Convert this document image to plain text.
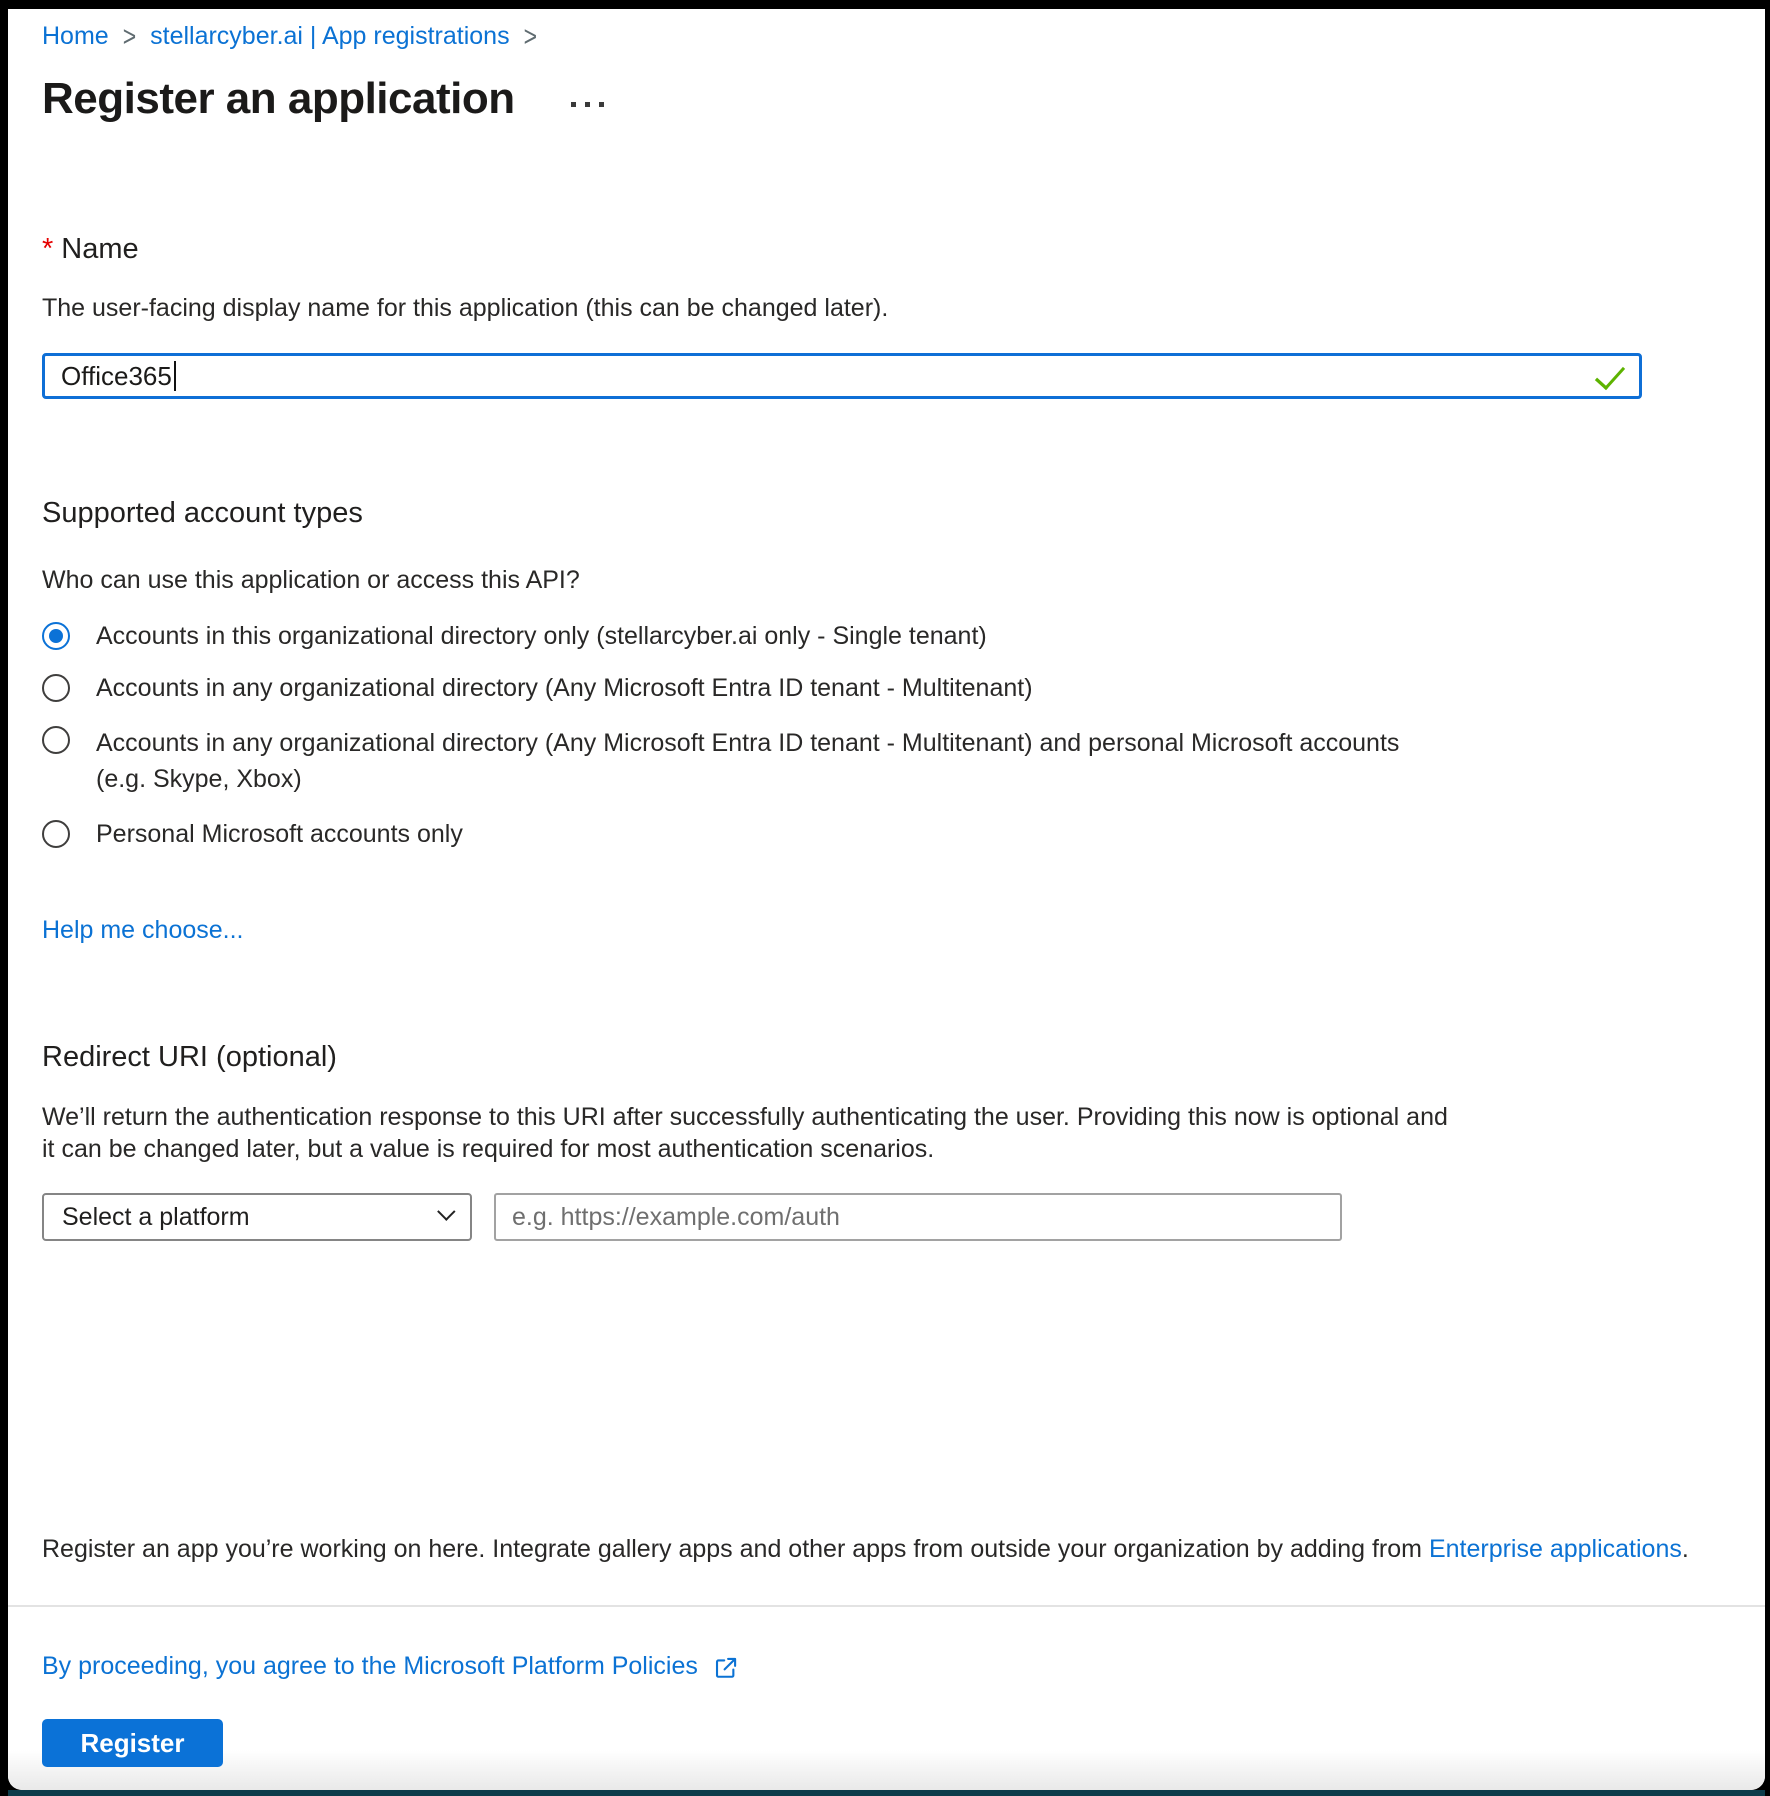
Home > stellarcyber.ai | App registrations >
Register an application
* Name
The user-facing display name for this application (this can be changed later).
Office365
Supported account types
Who can use this application or access this API?
Accounts in this organizational directory only (stellarcyber.ai only - Single tenant)
Accounts in any organizational directory (Any Microsoft Entra ID tenant - Multitenant)
Accounts in any organizational directory (Any Microsoft Entra ID tenant - Multitenant) and personal Microsoft accounts (e.g. Skype, Xbox)
Personal Microsoft accounts only
Help me choose...
Redirect URI (optional)
We’ll return the authentication response to this URI after successfully authenticating the user. Providing this now is optional and it can be changed later, but a value is required for most authentication scenarios.
Select a platform
e.g. https://example.com/auth
Register an app you’re working on here. Integrate gallery apps and other apps from outside your organization by adding from Enterprise applications.
By proceeding, you agree to the Microsoft Platform Policies
Register
